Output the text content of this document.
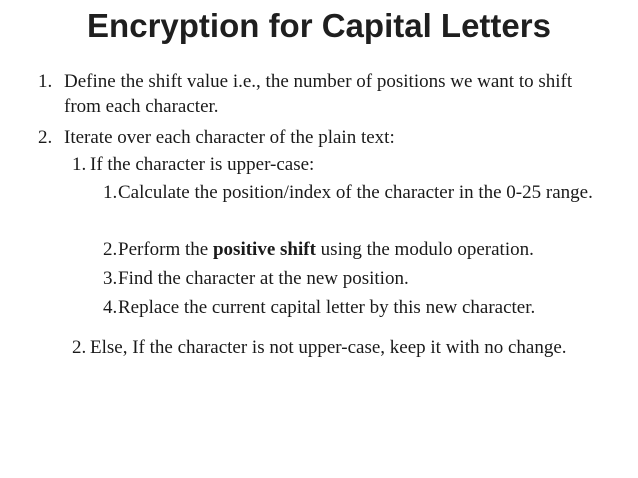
Encryption for Capital Letters
1. Define the shift value i.e., the number of positions we want to shift from each character.
2. Iterate over each character of the plain text:
1. If the character is upper-case:
1. Calculate the position/index of the character in the 0-25 range.
2. Perform the positive shift using the modulo operation.
3. Find the character at the new position.
4. Replace the current capital letter by this new character.
2. Else, If the character is not upper-case, keep it with no change.
